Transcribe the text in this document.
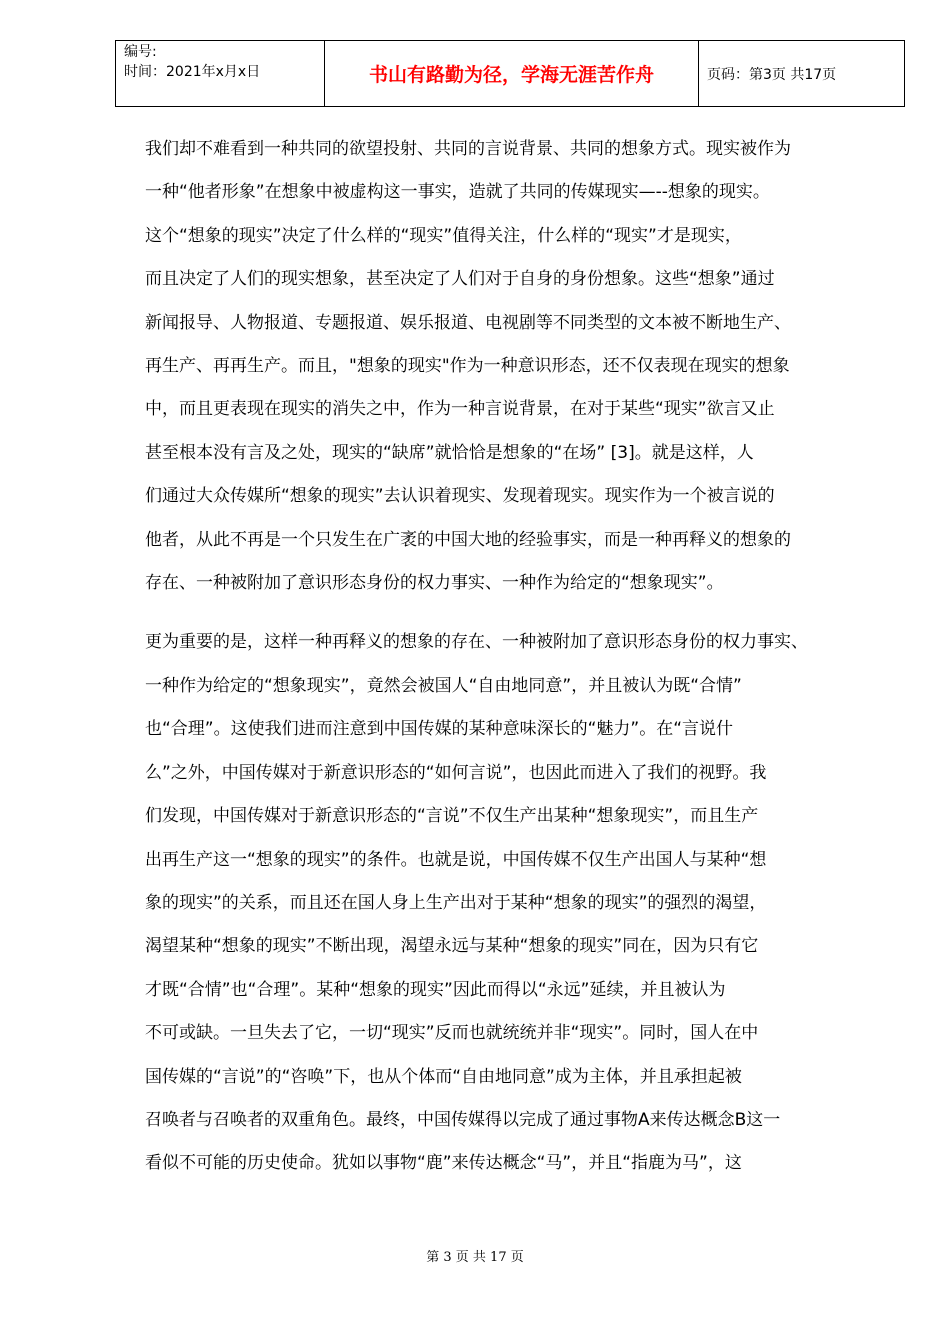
编号:
时间：2021年x月x日	书山有路勤为径，学海无涯苦作舟	页码：第3页 共17页
我们却不难看到一种共同的欲望投射、共同的言说背景、共同的想象方式。现实被作为
一种“他者形象”在想象中被虚构这一事实，造就了共同的传媒现实—--想象的现实。
这个“想象的现实”决定了什么样的“现实”值得关注，什么样的“现实”才是现实，
而且决定了人们的现实想象，甚至决定了人们对于自身的身份想象。这些“想象”通过
新闻报导、人物报道、专题报道、娱乐报道、电视剧等不同类型的文本被不断地生产、
再生产、再再生产。而且，"想象的现实"作为一种意识形态，还不仅表现在现实的想象
中，而且更表现在现实的消失之中，作为一种言说背景，在对于某些“现实”欲言又止
甚至根本没有言及之处，现实的“缺席”就恰恰是想象的“在场” [3]。就是这样，人
们通过大众传媒所“想象的现实”去认识着现实、发现着现实。现实作为一个被言说的
他者，从此不再是一个只发生在广袤的中国大地的经验事实，而是一种再释义的想象的
存在、一种被附加了意识形态身份的权力事实、一种作为给定的“想象现实”。
更为重要的是，这样一种再释义的想象的存在、一种被附加了意识形态身份的权力事实、
一种作为给定的“想象现实”，竟然会被国人“自由地同意”，并且被认为既“合情”
也“合理”。这使我们进而注意到中国传媒的某种意味深长的“魅力”。在“言说什
么”之外，中国传媒对于新意识形态的“如何言说”，也因此而进入了我们的视野。我
们发现，中国传媒对于新意识形态的“言说”不仅生产出某种“想象现实”，而且生产
出再生产这一“想象的现实”的条件。也就是说，中国传媒不仅生产出国人与某种“想
象的现实”的关系，而且还在国人身上生产出对于某种“想象的现实”的强烈的渴望，
渴望某种“想象的现实”不断出现，渴望永远与某种“想象的现实”同在，因为只有它
才既“合情”也“合理”。某种“想象的现实”因此而得以“永远”延续，并且被认为
不可或缺。一旦失去了它，一切“现实”反而也就统统并非“现实”。同时，国人在中
国传媒的“言说”的“咨唤”下，也从个体而“自由地同意”成为主体，并且承担起被
召唤者与召唤者的双重角色。最终，中国传媒得以完成了通过事物A来传达概念B这一
看似不可能的历史使命。犹如以事物“鹿”来传达概念“马”，并且“指鹿为马”，这
第 3 页 共 17 页
